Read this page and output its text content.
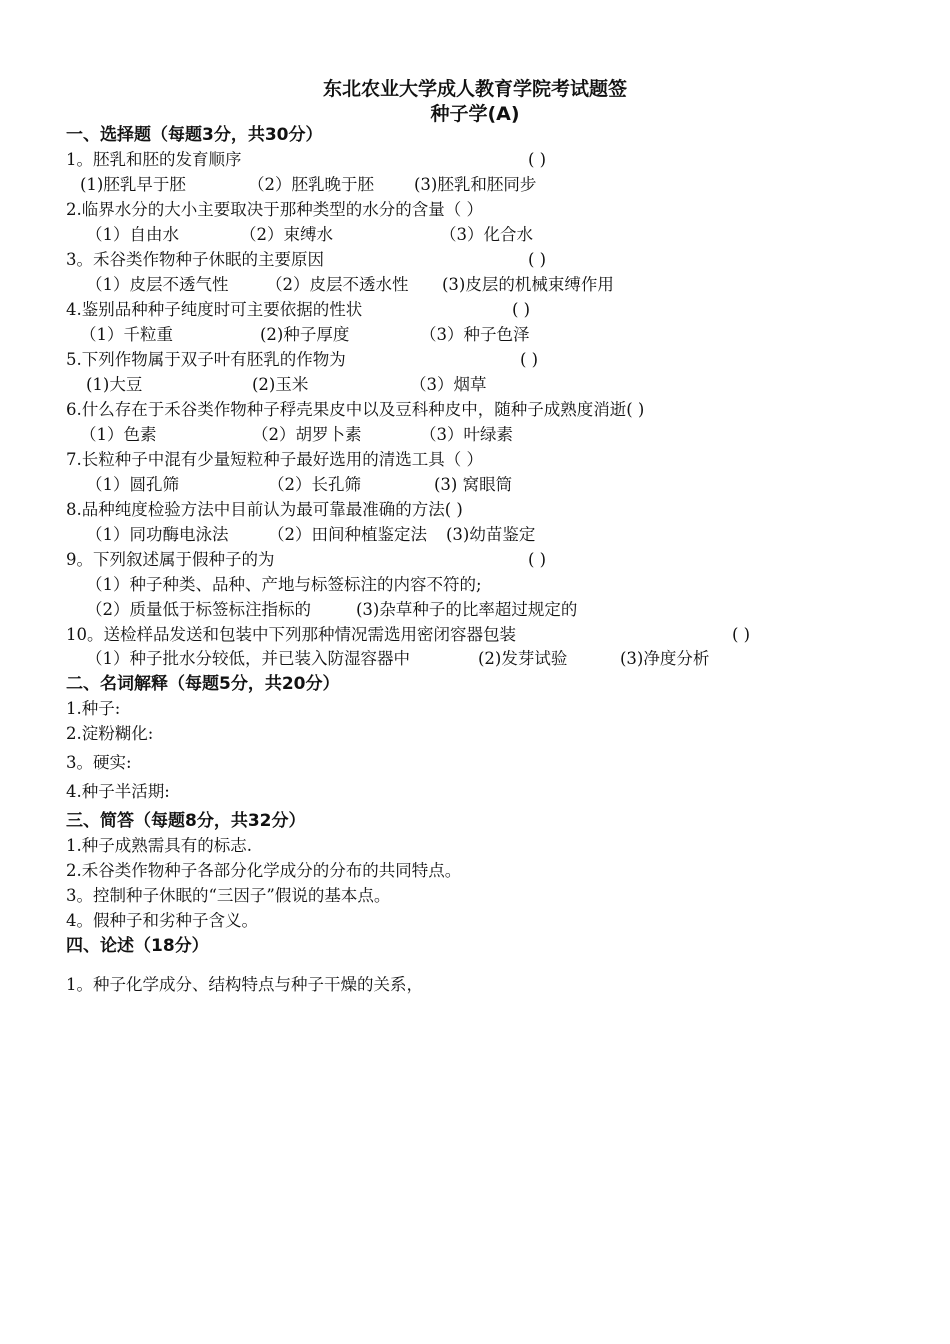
东北农业大学成人教育学院考试题签
种子学(A)
一、选择题（每题3分，共30分）
1。胚乳和胚的发育顺序	( )
(1)胚乳早于胚	（2）胚乳晚于胚 (3)胚乳和胚同步
2.临界水分的大小主要取决于那种类型的水分的含量（ ）
（1）自由水	（2）束缚水	（3）化合水
3。禾谷类作物种子休眠的主要原因	( )
（1）皮层不透气性 （2）皮层不透水性 (3)皮层的机械束缚作用
4.鉴别品种种子纯度时可主要依据的性状	( )
（1）千粒重	(2)种子厚度	（3）种子色泽
5.下列作物属于双子叶有胚乳的作物为	( )
(1)大豆	(2)玉米	（3）烟草
6.什么存在于禾谷类作物种子稃壳果皮中以及豆科种皮中，随种子成熟度消逝( )
（1）色素	（2）胡罗卜素	（3）叶绿素
7.长粒种子中混有少量短粒种子最好选用的清选工具（ ）
（1）圆孔筛	（2）长孔筛	(3) 窝眼筒
8.品种纯度检验方法中目前认为最可靠最准确的方法( )
（1）同功酶电泳法 （2）田间种植鉴定法 (3)幼苗鉴定
9。下列叙述属于假种子的为	( )
（1）种子种类、品种、产地与标签标注的内容不符的;
（2）质量低于标签标注指标的	(3)杂草种子的比率超过规定的
10。送检样品发送和包装中下列那种情况需选用密闭容器包装	( )
（1）种子批水分较低，并已装入防湿容器中	(2)发芽试验	(3)净度分析
二、名词解释（每题5分，共20分）
1.种子:
2.淀粉糊化:
3。硬实:
4.种子半活期:
三、简答（每题8分，共32分）
1.种子成熟需具有的标志.
2.禾谷类作物种子各部分化学成分的分布的共同特点。
3。控制种子休眠的“三因子”假说的基本点。
4。假种子和劣种子含义。
四、论述（18分）
1。种子化学成分、结构特点与种子干燥的关系，
